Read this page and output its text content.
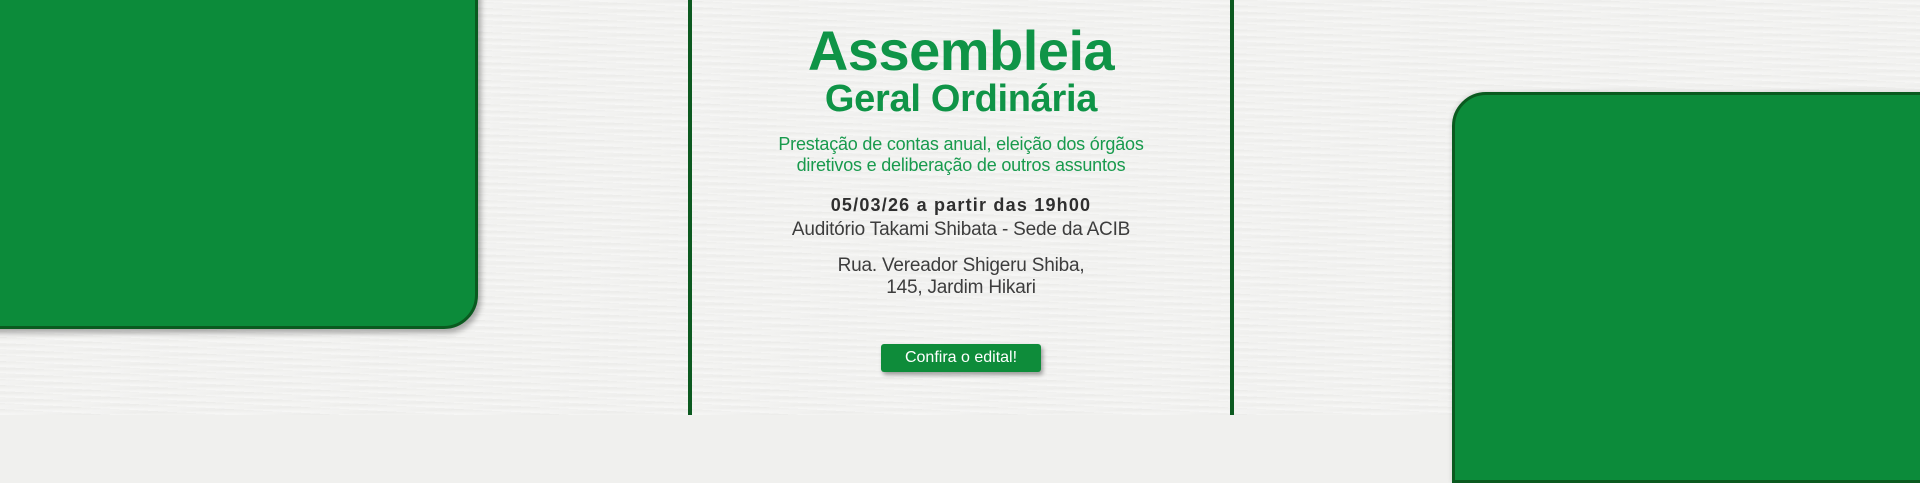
Assembleia
Geral Ordinária
Prestação de contas anual, eleição dos órgãos
diretivos e deliberação de outros assuntos
05/03/26 a partir das 19h00
Auditório Takami Shibata - Sede da ACIB
Rua. Vereador Shigeru Shiba,
145, Jardim Hikari
Confira o edital!
